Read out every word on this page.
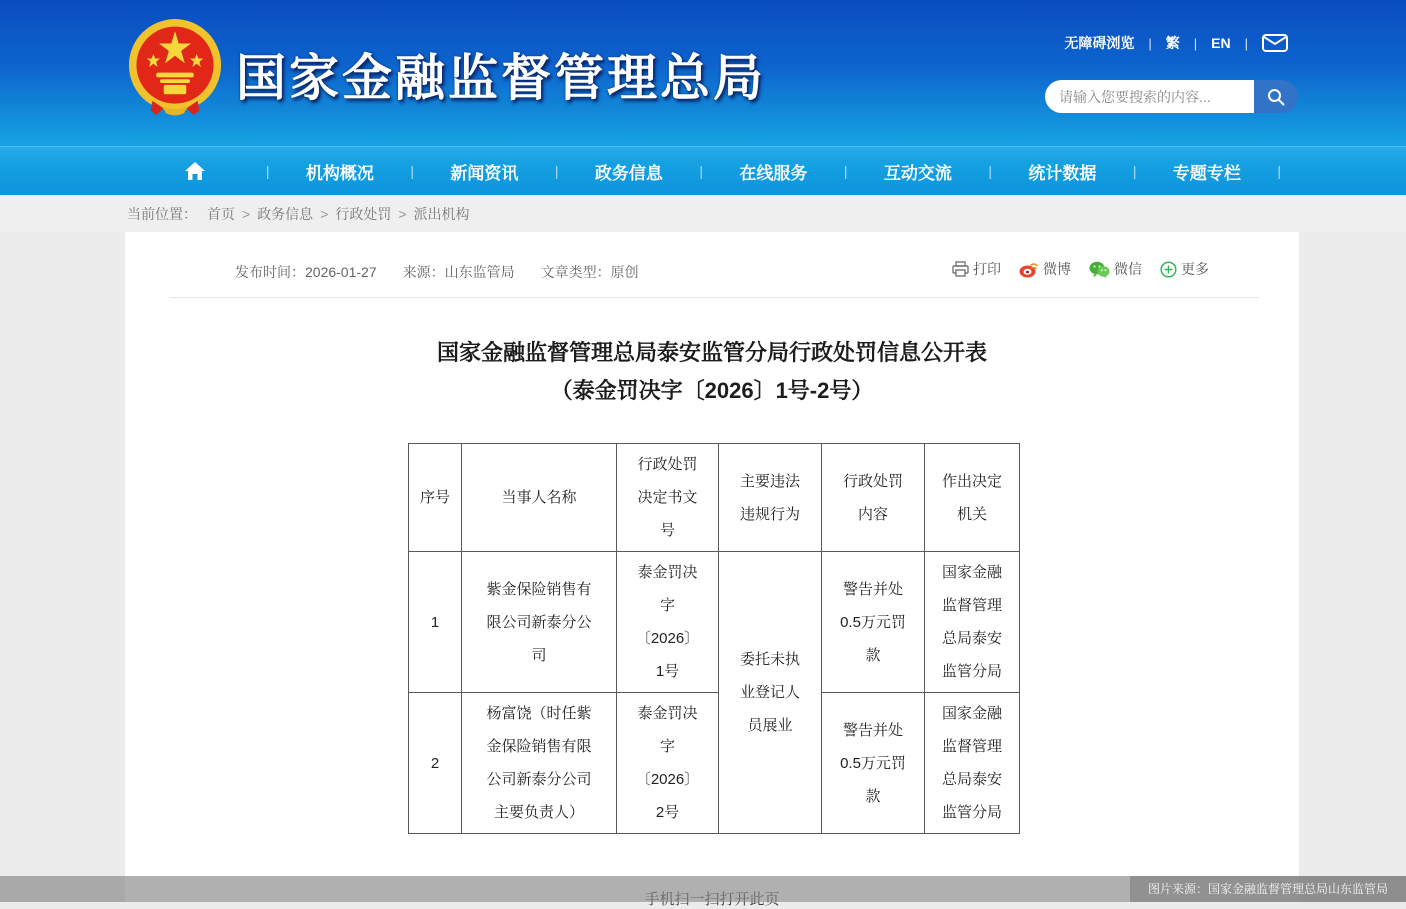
国家金融监督管理总局
无障碍浏览 | 繁 | EN |
请输入您要搜索的内容...
|	机构概况	|	新闻资讯	|	政务信息	|	在线服务	|	互动交流	|	统计数据	|	专题专栏	|
当前位置： 首页 > 政务信息 > 行政处罚 > 派出机构
发布时间：2026-01-27 来源：山东监管局 文章类型：原创	打印	微博	微信	更多
国家金融监督管理总局泰安监管分局行政处罚信息公开表
（泰金罚决字〔2026〕1号-2号）
序号	当事人名称	行政处罚决定书文号	主要违法违规行为	行政处罚内容	作出决定机关
1	紫金保险销售有限公司新泰分公司	泰金罚决字〔2026〕1号	委托未执业登记人员展业	警告并处0.5万元罚款	国家金融监督管理总局泰安监管分局
2	杨富饶（时任紫金保险销售有限公司新泰分公司主要负责人）	泰金罚决字〔2026〕2号		警告并处0.5万元罚款	国家金融监督管理总局泰安监管分局
图片来源：国家金融监督管理总局山东监管局
